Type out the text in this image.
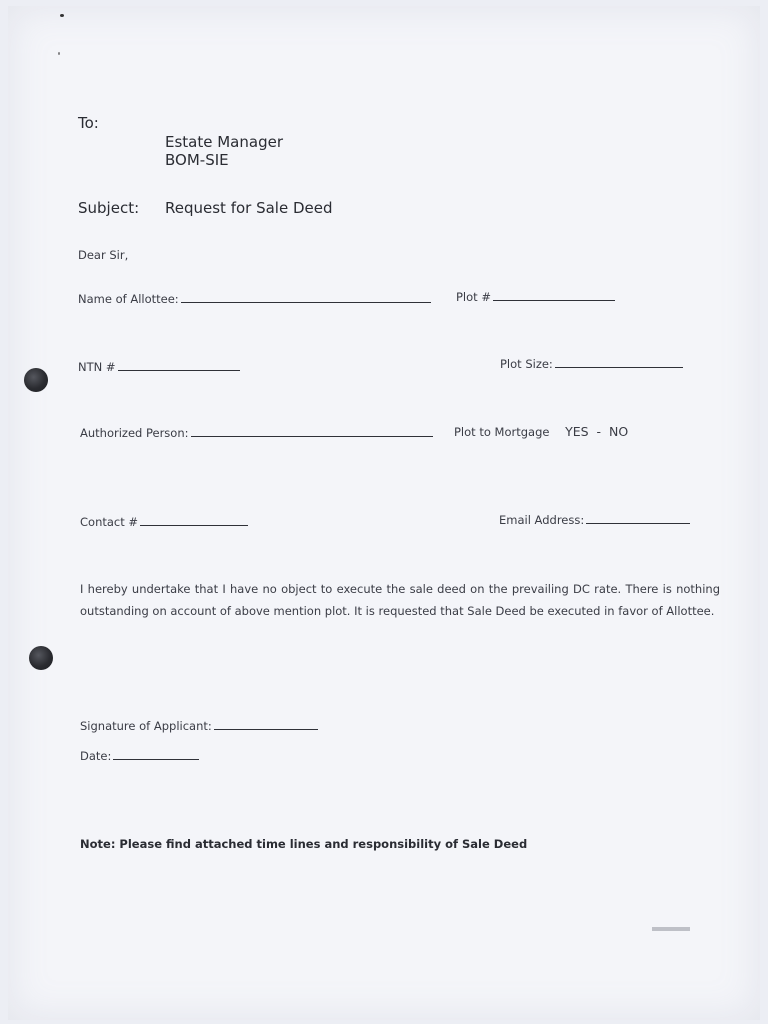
To:
Estate Manager
BOM-SIE
Subject: Request for Sale Deed
Dear Sir,
Name of Allottee:	Plot #
NTN #	Plot Size:
Authorized Person:	Plot to Mortgage YES  -  NO
Contact #	Email Address:
I hereby undertake that I have no object to execute the sale deed on the prevailing DC rate. There is nothing
outstanding on account of above mention plot. It is requested that Sale Deed be executed in favor of Allottee.
Signature of Applicant:
Date:
Note: Please find attached time lines and responsibility of Sale Deed
